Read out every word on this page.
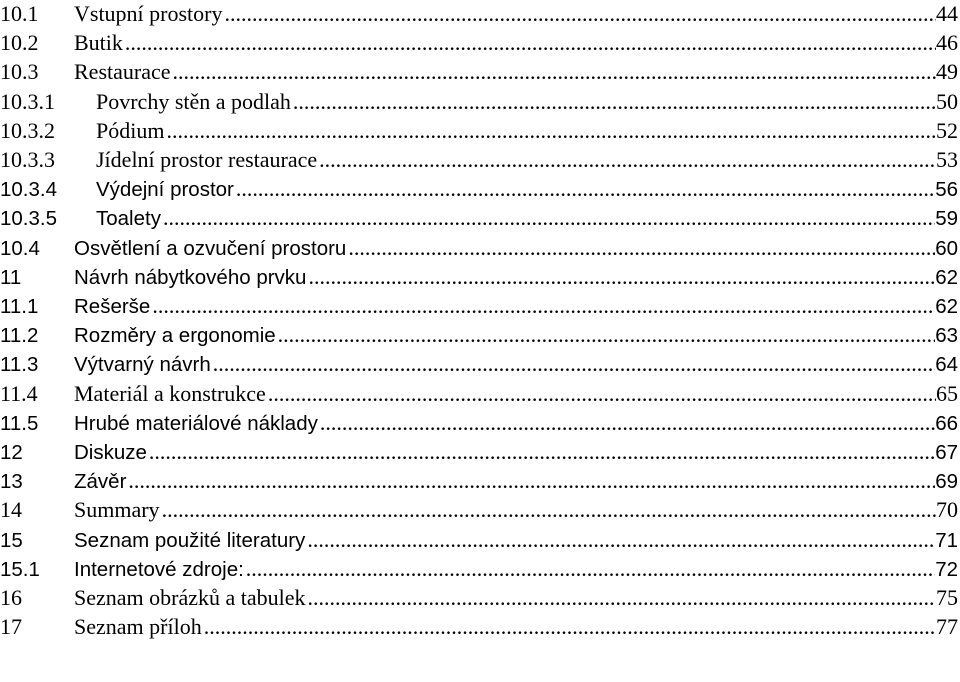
10.1	Vstupní prostory .....	44
10.2	Butik .....	46
10.3	Restaurace .....	49
10.3.1	Povrchy stěn a podlah .....	50
10.3.2	Pódium .....	52
10.3.3	Jídelní prostor restaurace .....	53
10.3.4	Výdejní prostor .....	56
10.3.5	Toalety .....	59
10.4	Osvětlení a ozvučení prostoru .....	60
11	Návrh nábytkového prvku .....	62
11.1	Rešerše .....	62
11.2	Rozměry a ergonomie .....	63
11.3	Výtvarný návrh .....	64
11.4	Materiál a konstrukce .....	65
11.5	Hrubé materiálové náklady .....	66
12	Diskuze .....	67
13	Závěr .....	69
14	Summary .....	70
15	Seznam použité literatury .....	71
15.1	Internetové zdroje: .....	72
16	Seznam obrázků a tabulek .....	75
17	Seznam příloh .....	77
